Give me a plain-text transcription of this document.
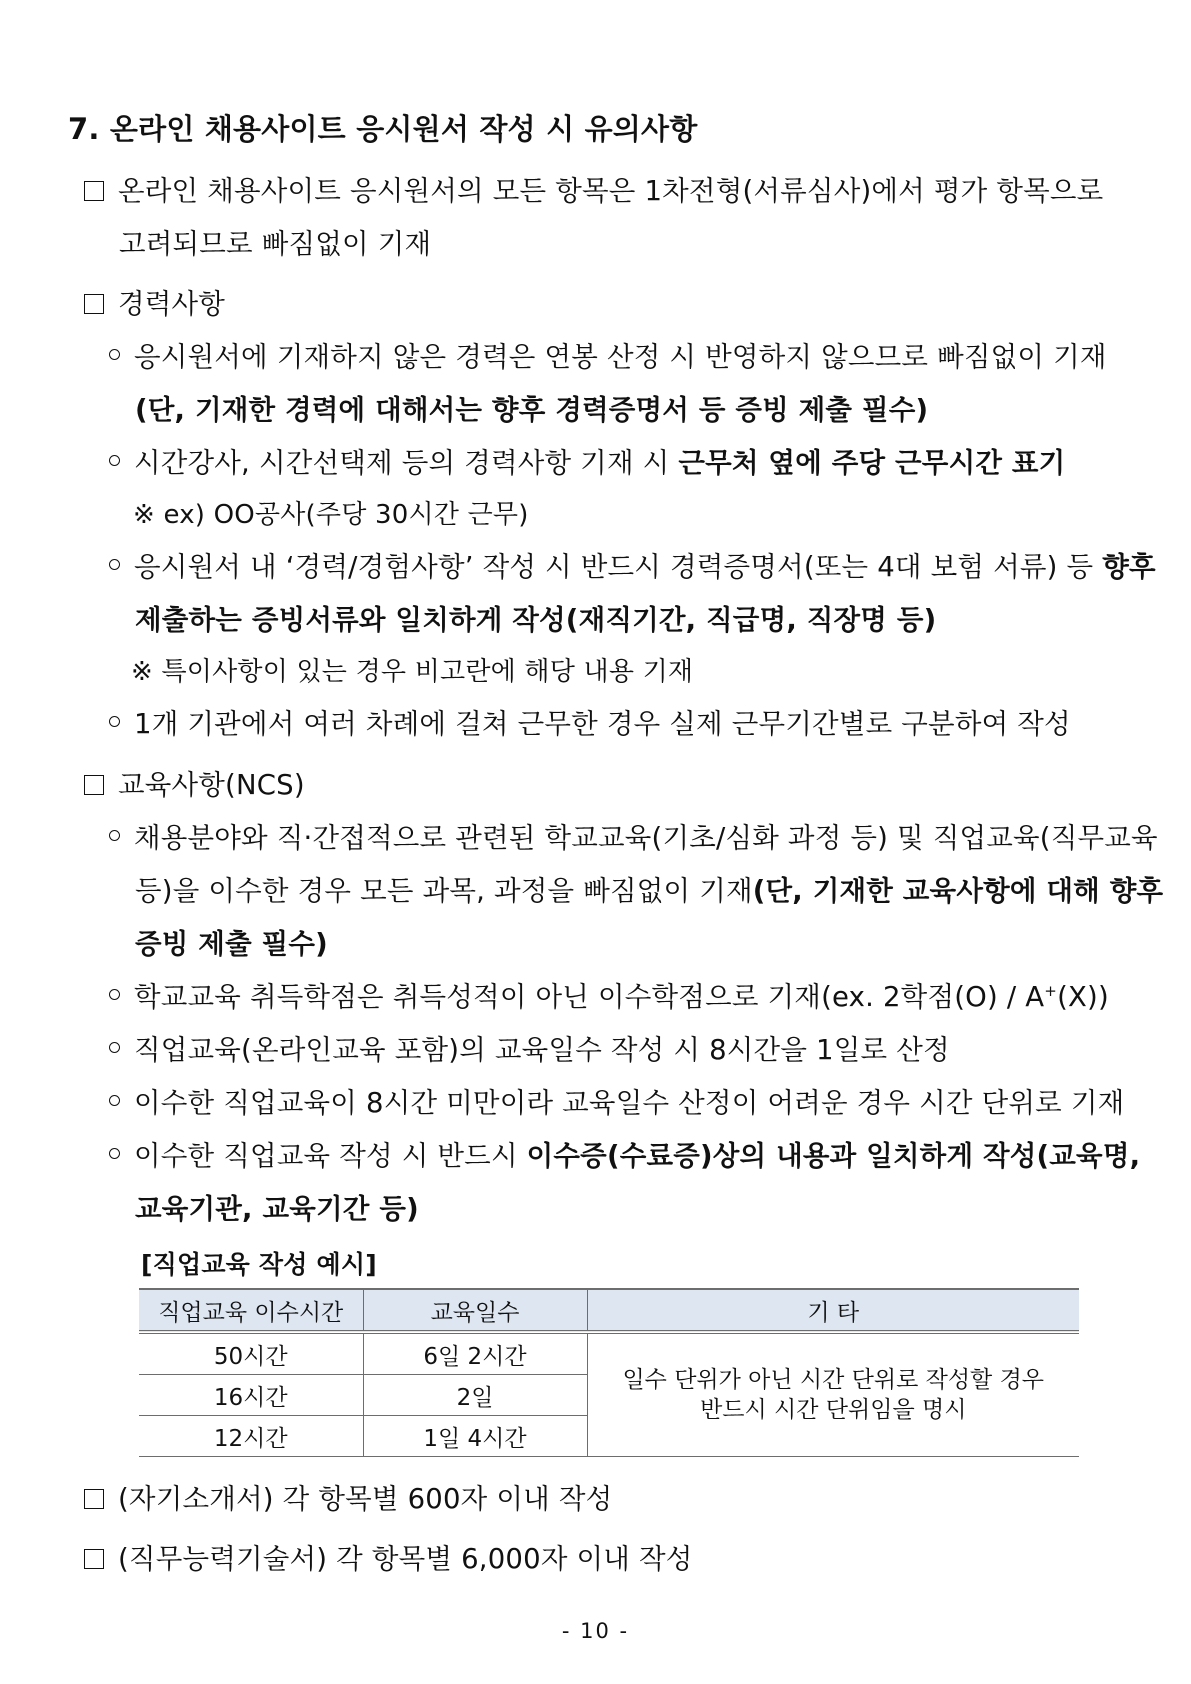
7. 온라인 채용사이트 응시원서 작성 시 유의사항
온라인 채용사이트 응시원서의 모든 항목은 1차전형(서류심사)에서 평가 항목으로
고려되므로 빠짐없이 기재
경력사항
응시원서에 기재하지 않은 경력은 연봉 산정 시 반영하지 않으므로 빠짐없이 기재
(단, 기재한 경력에 대해서는 향후 경력증명서 등 증빙 제출 필수)
시간강사, 시간선택제 등의 경력사항 기재 시 근무처 옆에 주당 근무시간 표기
※ ex) OO공사(주당 30시간 근무)
응시원서 내 ‘경력/경험사항’ 작성 시 반드시 경력증명서(또는 4대 보험 서류) 등 향후
제출하는 증빙서류와 일치하게 작성(재직기간, 직급명, 직장명 등)
※ 특이사항이 있는 경우 비고란에 해당 내용 기재
1개 기관에서 여러 차례에 걸쳐 근무한 경우 실제 근무기간별로 구분하여 작성
교육사항(NCS)
채용분야와 직·간접적으로 관련된 학교교육(기초/심화 과정 등) 및 직업교육(직무교육
등)을 이수한 경우 모든 과목, 과정을 빠짐없이 기재(단, 기재한 교육사항에 대해 향후
증빙 제출 필수)
학교교육 취득학점은 취득성적이 아닌 이수학점으로 기재(ex. 2학점(O) / A+(X))
직업교육(온라인교육 포함)의 교육일수 작성 시 8시간을 1일로 산정
이수한 직업교육이 8시간 미만이라 교육일수 산정이 어려운 경우 시간 단위로 기재
이수한 직업교육 작성 시 반드시 이수증(수료증)상의 내용과 일치하게 작성(교육명,
교육기관, 교육기간 등)
[직업교육 작성 예시]
직업교육 이수시간	교육일수	기 타
50시간	6일 2시간	일수 단위가 아닌 시간 단위로 작성할 경우
반드시 시간 단위임을 명시

16시간	2일	
12시간	1일 4시간	
(자기소개서) 각 항목별 600자 이내 작성
(직무능력기술서) 각 항목별 6,000자 이내 작성
- 10 -
